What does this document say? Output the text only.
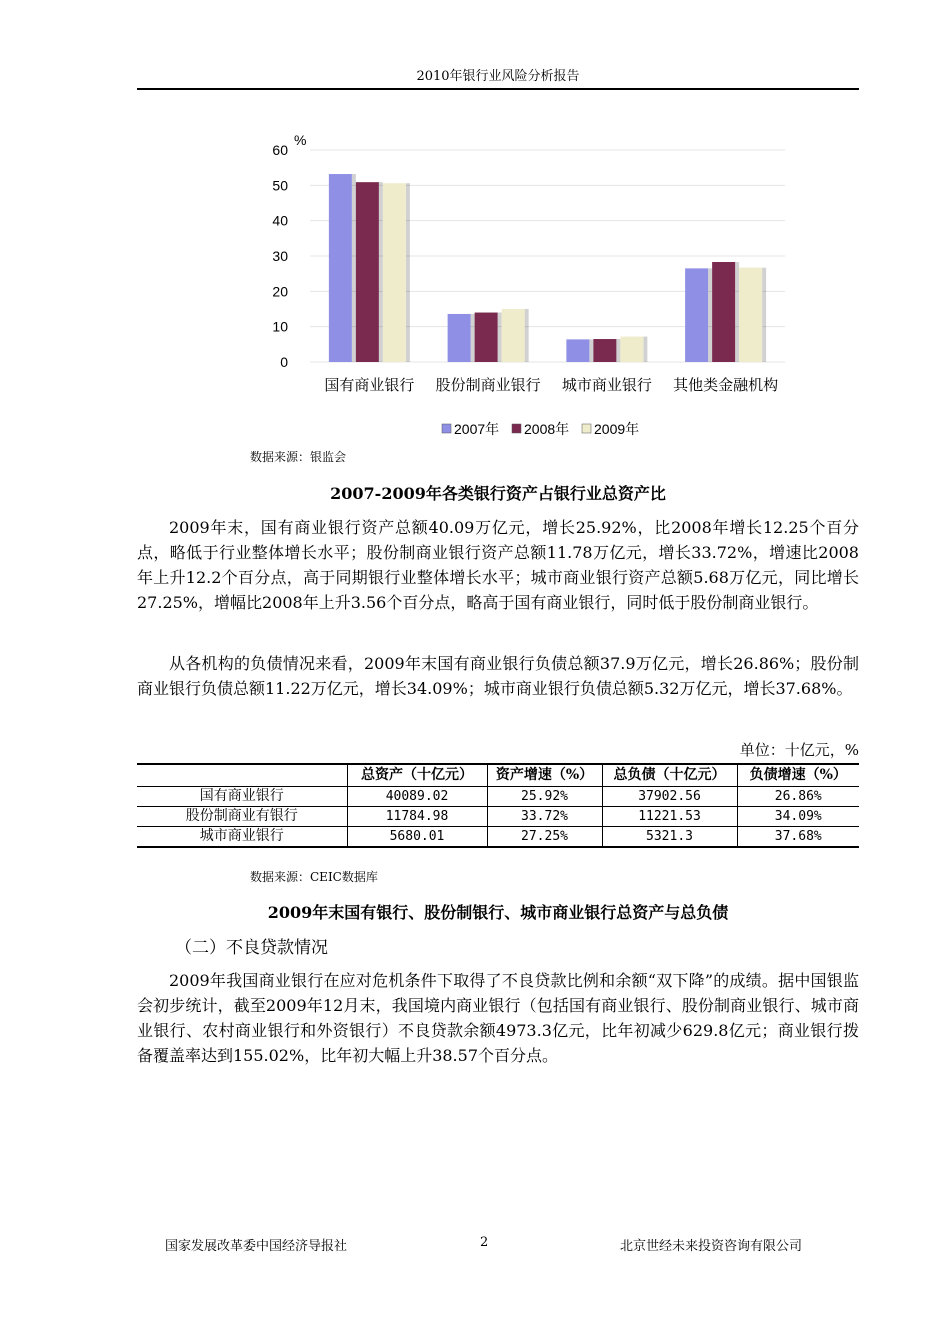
2010年银行业风险分析报告
0
10
20
30
40
50
60
%
国有商业银行 股份制商业银行 城市商业银行 其他类金融机构
2007年 2008年 2009年
数据来源：银监会
2007-2009年各类银行资产占银行业总资产比

2009年末，国有商业银行资产总额40.09万亿元，增长25.92%，比2008年增长12.25个百分点，略低于行业整体增长水平；股份制商业银行资产总额11.78万亿元，增长33.72%，增速比2008年上升12.2个百分点，高于同期银行业整体增长水平；城市商业银行资产总额5.68万亿元，同比增长27.25%，增幅比2008年上升3.56个百分点，略高于国有商业银行，同时低于股份制商业银行。

从各机构的负债情况来看，2009年末国有商业银行负债总额37.9万亿元，增长26.86%；股份制商业银行负债总额11.22万亿元，增长34.09%；城市商业银行负债总额5.32万亿元，增长37.68%。

单位：十亿元，%
	总资产（十亿元）	资产增速（%）	总负债（十亿元）	负债增速（%）
国有商业银行	40089.02	25.92%	37902.56	26.86%
股份制商业有银行	11784.98	33.72%	11221.53	34.09%
城市商业银行	5680.01	27.25%	5321.3	37.68%
数据来源：CEIC数据库
2009年末国有银行、股份制银行、城市商业银行总资产与总负债
（二）不良贷款情况

2009年我国商业银行在应对危机条件下取得了不良贷款比例和余额“双下降”的成绩。据中国银监会初步统计，截至2009年12月末，我国境内商业银行（包括国有商业银行、股份制商业银行、城市商业银行、农村商业银行和外资银行）不良贷款余额4973.3亿元，比年初减少629.8亿元；商业银行拨备覆盖率达到155.02%，比年初大幅上升38.57个百分点。

国家发展改革委中国经济导报社	2	北京世经未来投资咨询有限公司
